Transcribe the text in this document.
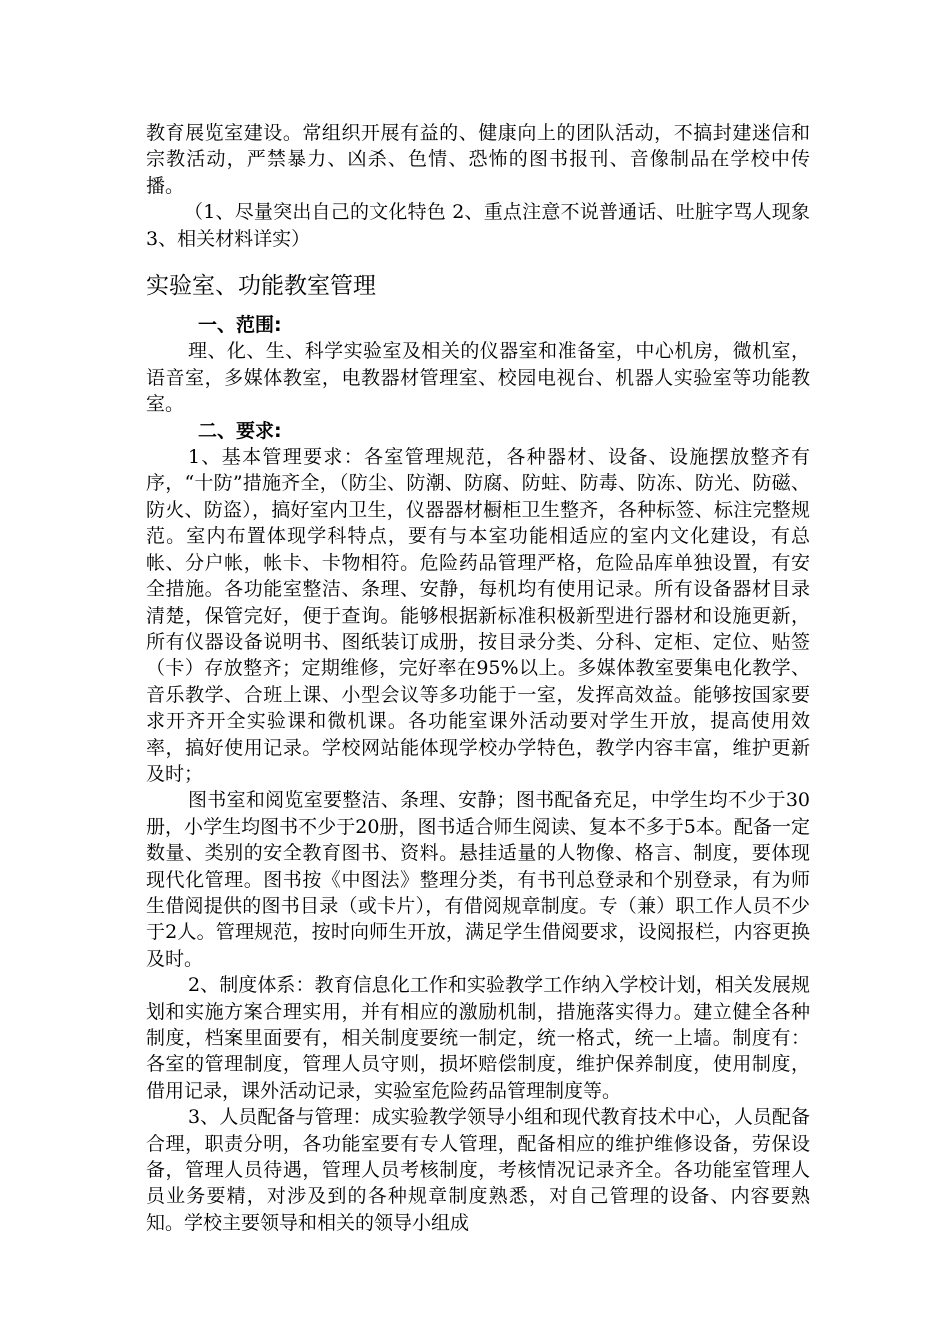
教育展览室建设。常组织开展有益的、健康向上的团队活动，不搞封建迷信和宗教活动，严禁暴力、凶杀、色情、恐怖的图书报刊、音像制品在学校中传播。

（1、尽量突出自己的文化特色 2、重点注意不说普通话、吐脏字骂人现象 3、相关材料详实）

实验室、功能教室管理

一、范围:

理、化、生、科学实验室及相关的仪器室和准备室，中心机房，微机室，语音室，多媒体教室，电教器材管理室、校园电视台、机器人实验室等功能教室。

二、要求:

1、基本管理要求：各室管理规范，各种器材、设备、设施摆放整齐有序，“十防”措施齐全，（防尘、防潮、防腐、防蛀、防毒、防冻、防光、防磁、防火、防盗），搞好室内卫生，仪器器材橱柜卫生整齐，各种标签、标注完整规范。室内布置体现学科特点，要有与本室功能相适应的室内文化建设，有总帐、分户帐，帐卡、卡物相符。危险药品管理严格，危险品库单独设置，有安全措施。各功能室整洁、条理、安静，每机均有使用记录。所有设备器材目录清楚，保管完好，便于查询。能够根据新标准积极新型进行器材和设施更新，所有仪器设备说明书、图纸装订成册，按目录分类、分科、定柜、定位、贴签（卡）存放整齐；定期维修，完好率在95%以上。多媒体教室要集电化教学、音乐教学、合班上课、小型会议等多功能于一室，发挥高效益。能够按国家要求开齐开全实验课和微机课。各功能室课外活动要对学生开放，提高使用效率，搞好使用记录。学校网站能体现学校办学特色，教学内容丰富，维护更新及时；

图书室和阅览室要整洁、条理、安静；图书配备充足，中学生均不少于30册，小学生均图书不少于20册，图书适合师生阅读、复本不多于5本。配备一定数量、类别的安全教育图书、资料。悬挂适量的人物像、格言、制度，要体现现代化管理。图书按《中图法》整理分类，有书刊总登录和个别登录，有为师生借阅提供的图书目录（或卡片），有借阅规章制度。专（兼）职工作人员不少于2人。管理规范，按时向师生开放，满足学生借阅要求，设阅报栏，内容更换及时。

2、制度体系：教育信息化工作和实验教学工作纳入学校计划，相关发展规划和实施方案合理实用，并有相应的激励机制，措施落实得力。建立健全各种制度，档案里面要有，相关制度要统一制定，统一格式，统一上墙。制度有：各室的管理制度，管理人员守则，损坏赔偿制度，维护保养制度，使用制度，借用记录，课外活动记录，实验室危险药品管理制度等。

3、人员配备与管理：成实验教学领导小组和现代教育技术中心，人员配备合理，职责分明，各功能室要有专人管理，配备相应的维护维修设备，劳保设备，管理人员待遇，管理人员考核制度，考核情况记录齐全。各功能室管理人员业务要精，对涉及到的各种规章制度熟悉，对自己管理的设备、内容要熟知。学校主要领导和相关的领导小组成
